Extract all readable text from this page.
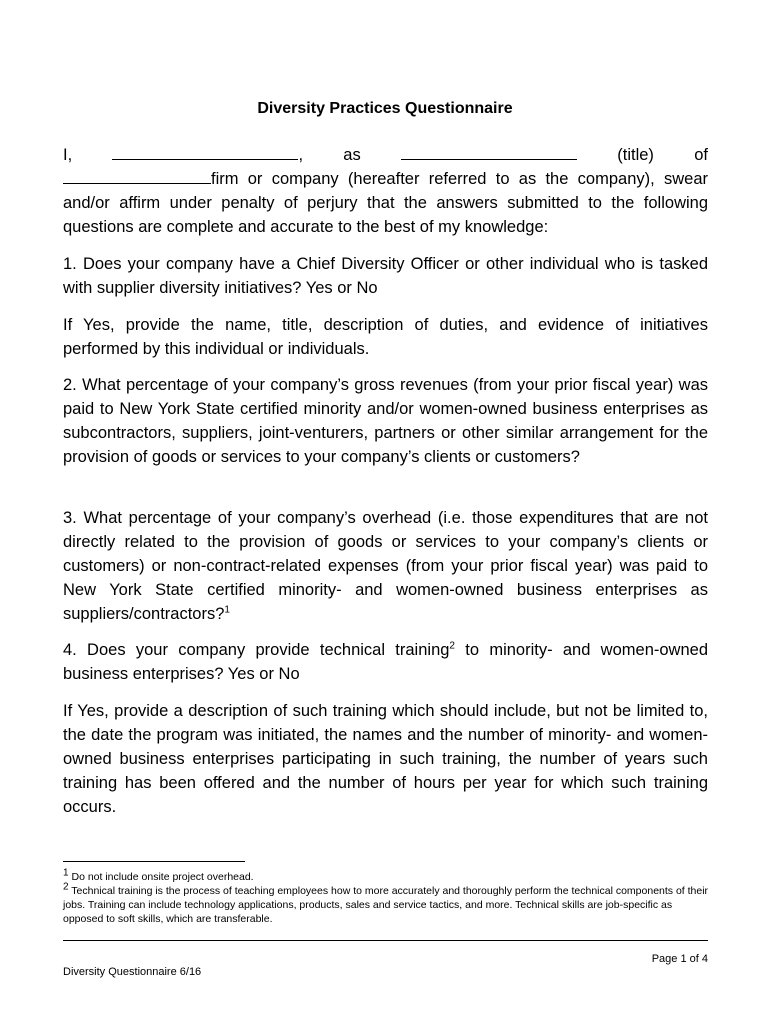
Diversity Practices Questionnaire
I,	, as	(title) of
firm or company (hereafter referred to as the company), swear and/or affirm under penalty of perjury that the answers submitted to the following questions are complete and accurate to the best of my knowledge:
1. Does your company have a Chief Diversity Officer or other individual who is tasked with supplier diversity initiatives? Yes or No
If Yes, provide the name, title, description of duties, and evidence of initiatives performed by this individual or individuals.
2. What percentage of your company’s gross revenues (from your prior fiscal year) was paid to New York State certified minority and/or women-owned business enterprises as subcontractors, suppliers, joint-venturers, partners or other similar arrangement for the provision of goods or services to your company’s clients or customers?
3. What percentage of your company’s overhead (i.e. those expenditures that are not directly related to the provision of goods or services to your company’s clients or customers) or non-contract-related expenses (from your prior fiscal year) was paid to New York State certified minority- and women-owned business enterprises as suppliers/contractors?$^1$
4. Does your company provide technical training$^2$ to minority- and women-owned business enterprises? Yes or No
If Yes, provide a description of such training which should include, but not be limited to, the date the program was initiated, the names and the number of minority- and women-owned business enterprises participating in such training, the number of years such training has been offered and the number of hours per year for which such training occurs.

$^1$ Do not include onsite project overhead.

$^2$ Technical training is the process of teaching employees how to more accurately and thoroughly perform the technical components of their jobs. Training can include technology applications, products, sales and service tactics, and more. Technical skills are job-specific as opposed to soft skills, which are transferable.

Page 1 of 4
Diversity Questionnaire 6/16
